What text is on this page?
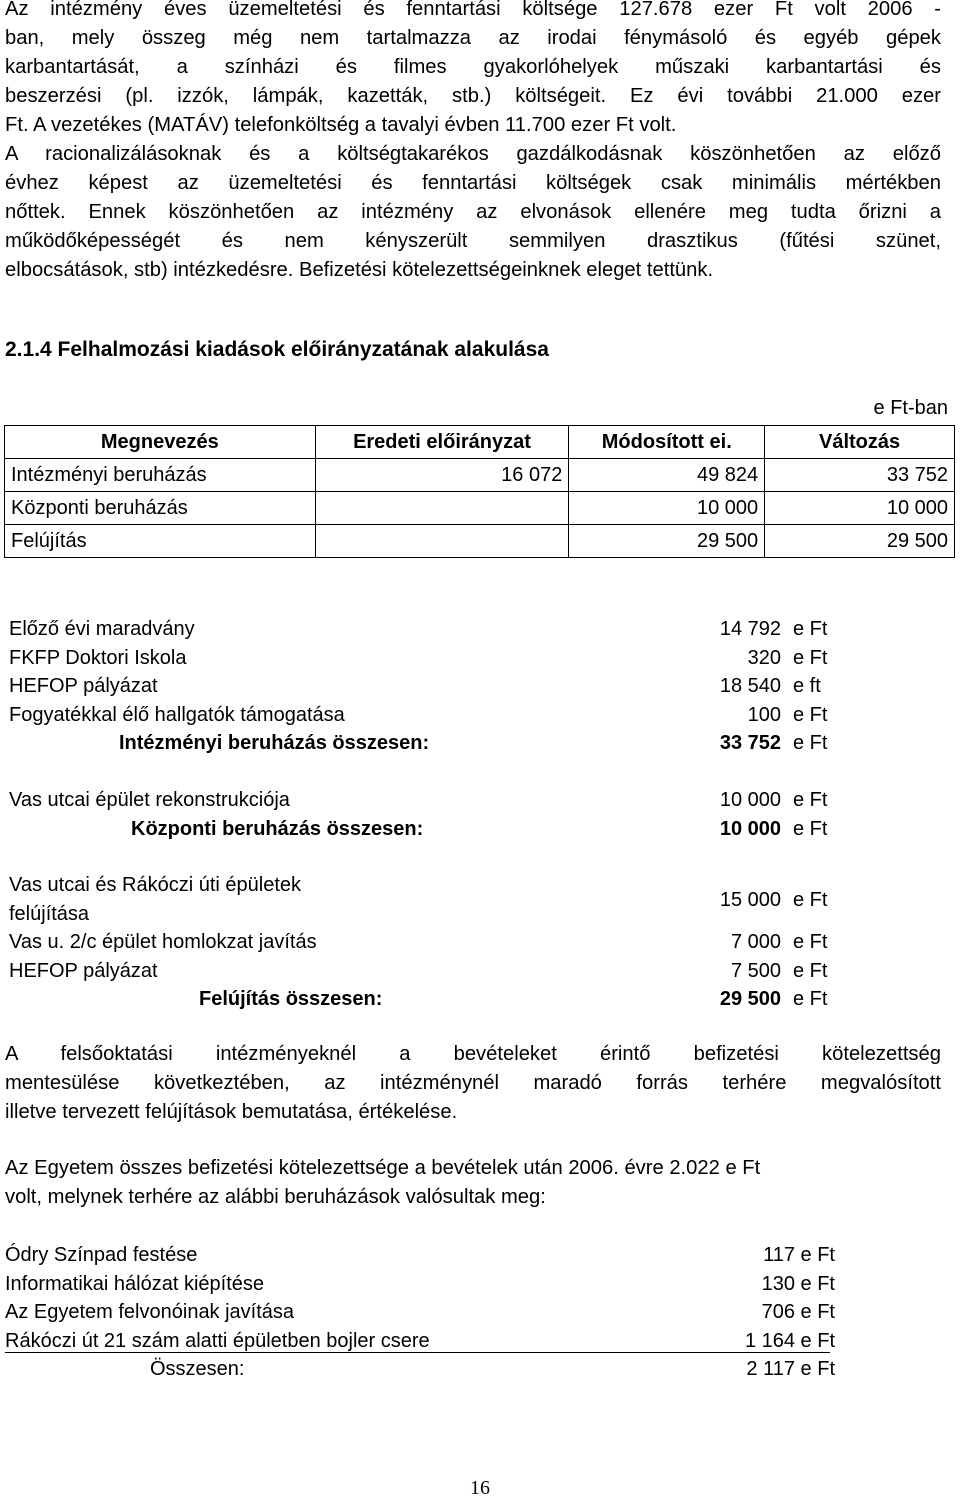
Az intézmény éves üzemeltetési és fenntartási költsége 127.678 ezer Ft volt 2006 -
ban, mely összeg még nem tartalmazza az irodai fénymásoló és egyéb gépek
karbantartását, a színházi és filmes gyakorlóhelyek műszaki karbantartási és
beszerzési (pl. izzók, lámpák, kazetták, stb.) költségeit. Ez évi további 21.000 ezer
Ft. A vezetékes (MATÁV) telefonköltség a tavalyi évben 11.700 ezer Ft volt.
A racionalizálásoknak és a költségtakarékos gazdálkodásnak köszönhetően az előző
évhez képest az üzemeltetési és fenntartási költségek csak minimális mértékben
nőttek. Ennek köszönhetően az intézmény az elvonások ellenére meg tudta őrizni a
működőképességét és nem kényszerült semmilyen drasztikus (fűtési szünet,
elbocsátások, stb) intézkedésre. Befizetési kötelezettségeinknek eleget tettünk.
2.1.4 Felhalmozási kiadások előirányzatának alakulása
e Ft-ban
Megnevezés	Eredeti előirányzat	Módosított ei.	Változás
Intézményi beruházás	16 072	49 824	33 752
Központi beruházás		10 000	10 000
Felújítás		29 500	29 500
Előző évi maradvány	14 792 e Ft
FKFP Doktori Iskola	320 e Ft
HEFOP pályázat	18 540 e ft
Fogyatékkal élő hallgatók támogatása	100 e Ft
Intézményi beruházás összesen:	33 752 e Ft
Vas utcai épület rekonstrukciója	10 000 e Ft
Központi beruházás összesen:	10 000 e Ft
Vas utcai és Rákóczi úti épületek
felújítása
15 000 e Ft
Vas u. 2/c épület homlokzat javítás	7 000 e Ft
HEFOP pályázat	7 500 e Ft
Felújítás összesen:	29 500 e Ft
A felsőoktatási intézményeknél a bevételeket érintő befizetési kötelezettség
mentesülése következtében, az intézménynél maradó forrás terhére megvalósított
illetve tervezett felújítások bemutatása, értékelése.
Az Egyetem összes befizetési kötelezettsége a bevételek után 2006. évre 2.022 e Ft
volt, melynek terhére az alábbi beruházások valósultak meg:
Ódry Színpad festése	117 e Ft
Informatikai hálózat kiépítése	130 e Ft
Az Egyetem felvonóinak javítása	706 e Ft
Rákóczi út 21 szám alatti épületben bojler csere	1 164 e Ft
Összesen:	2 117 e Ft
16
